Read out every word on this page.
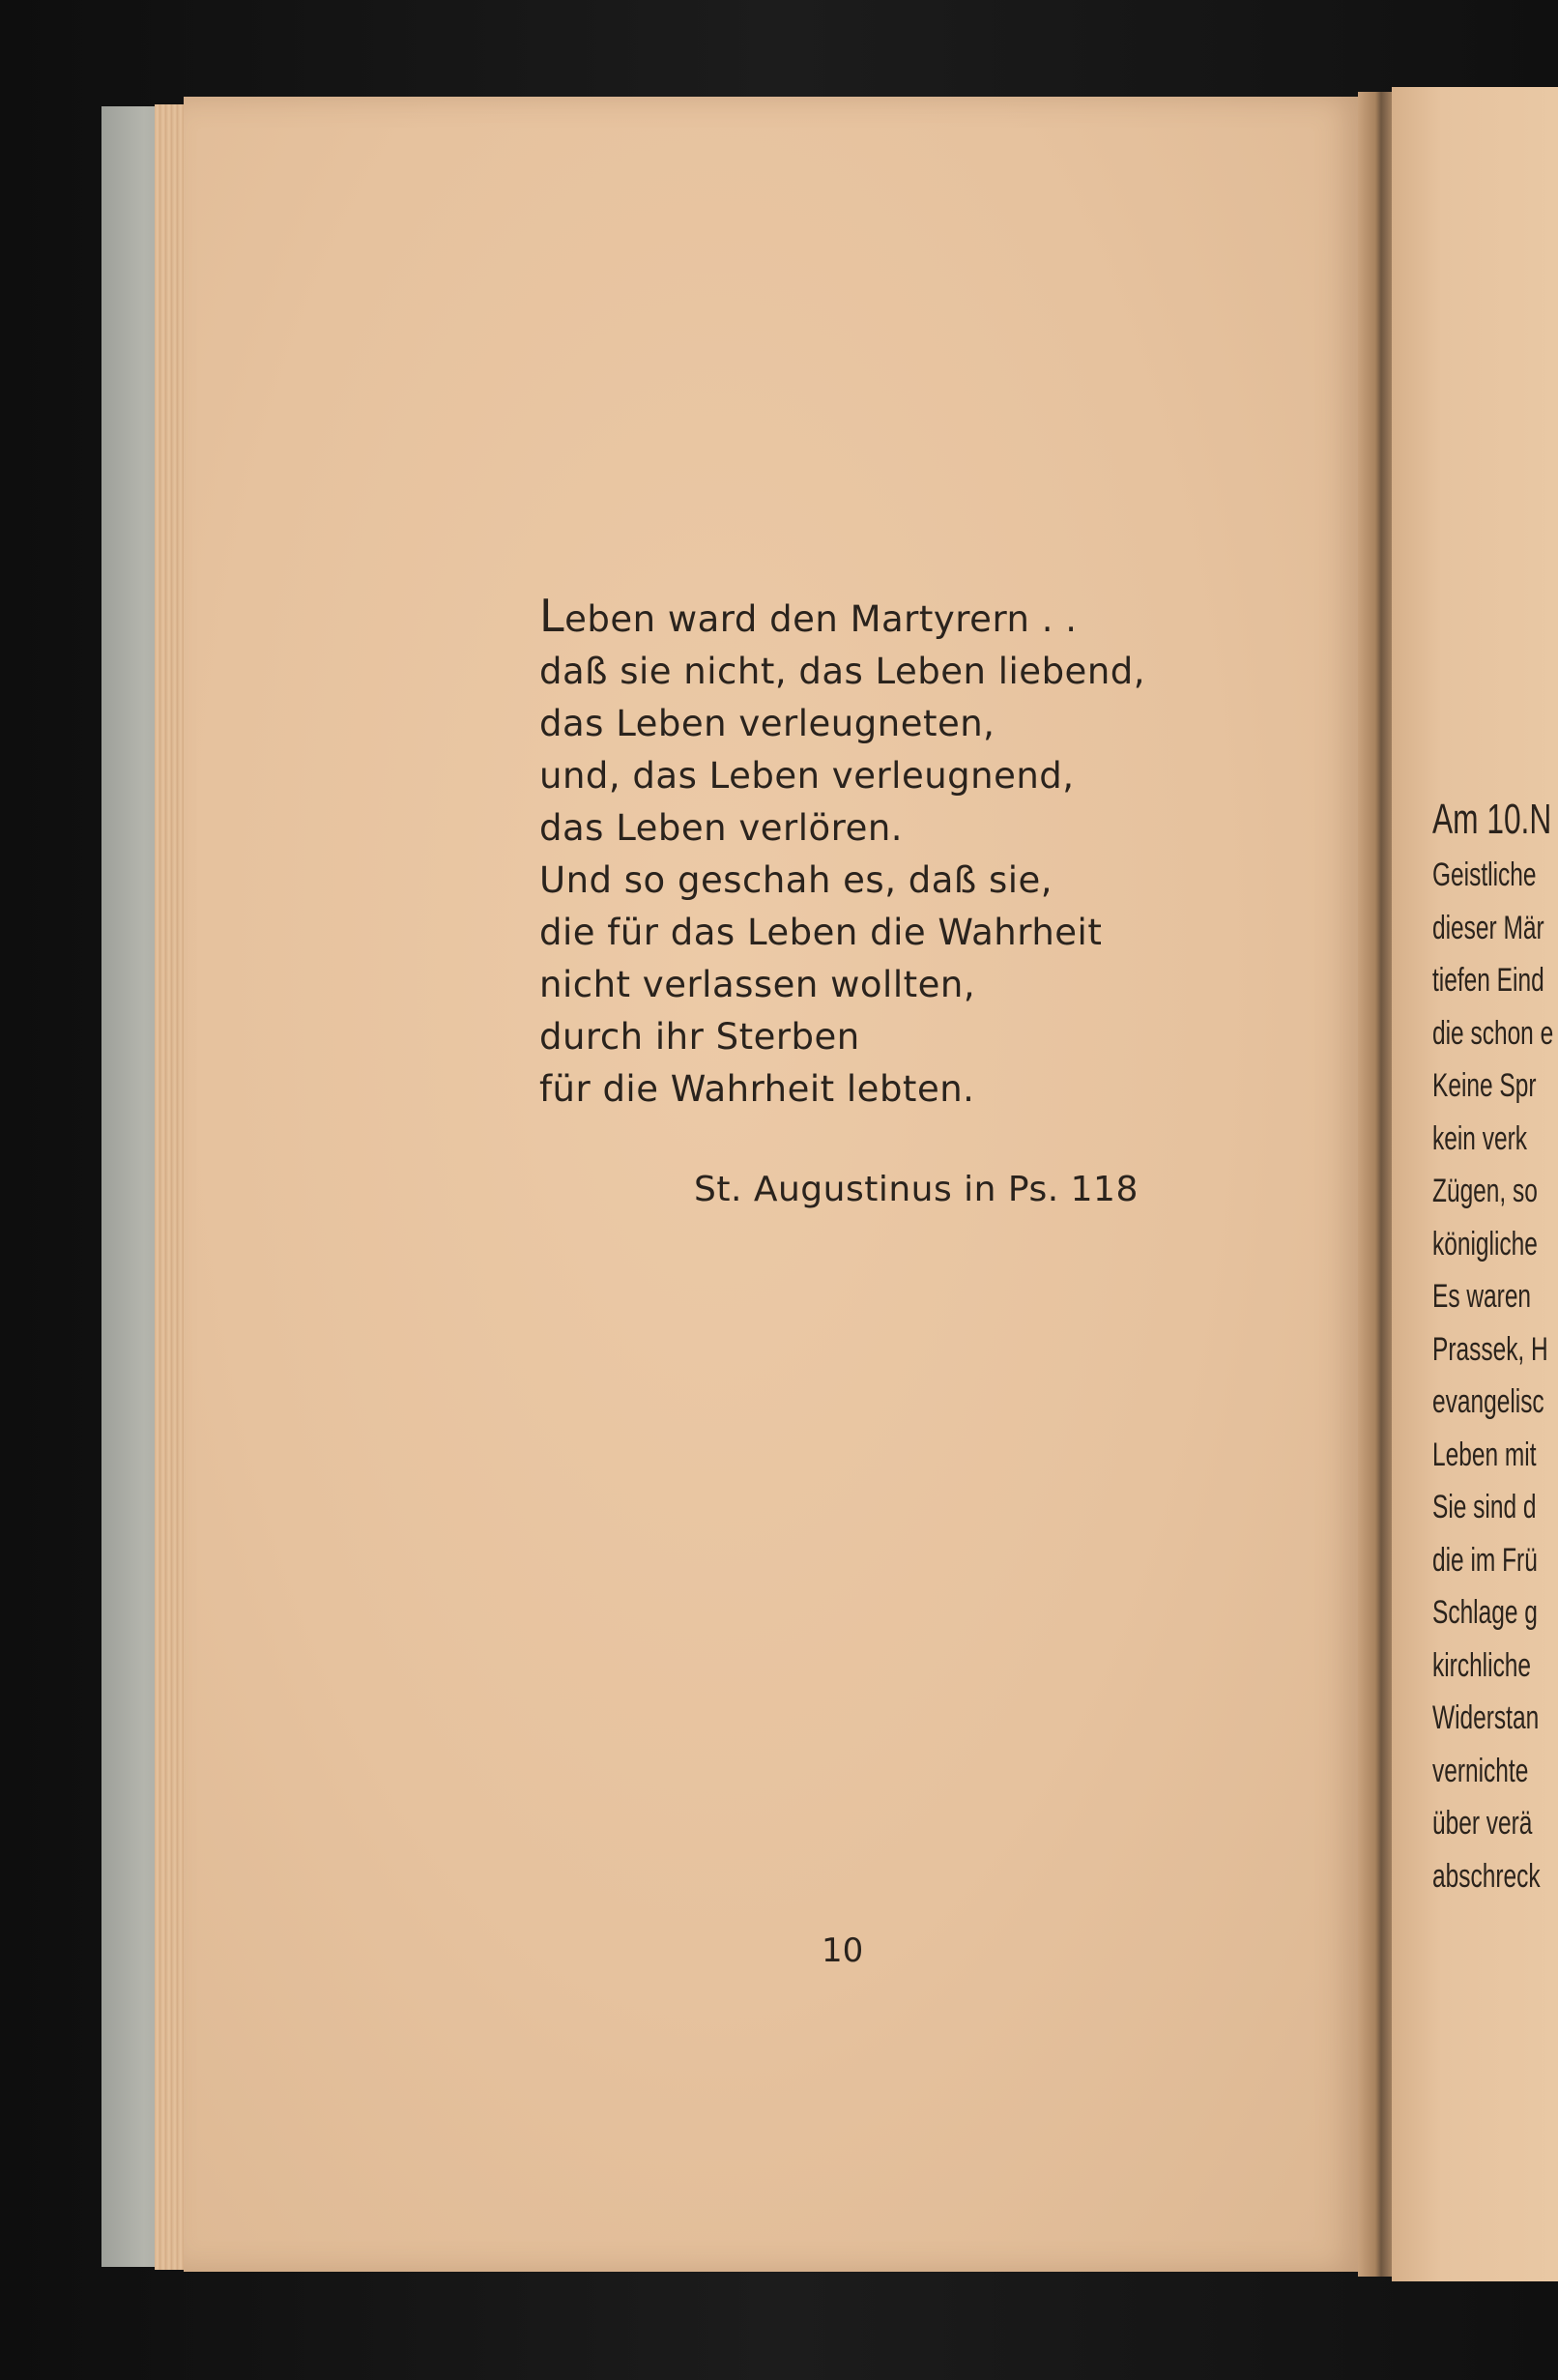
Leben ward den Martyrern . .
daß sie nicht, das Leben liebend,
das Leben verleugneten,
und, das Leben verleugnend,
das Leben verlören.
Und so geschah es, daß sie,
die für das Leben die Wahrheit
nicht verlassen wollten,
durch ihr Sterben
für die Wahrheit lebten.
St. Augustinus in Ps. 118
10
Am 10.N
Geistliche
dieser Mär
tiefen Eind
die schon e
Keine Spr
kein verk
Zügen, so
königliche
Es waren
Prassek, H
evangelisc
Leben mit
Sie sind d
die im Frü
Schlage g
kirchliche
Widerstan
vernichte
über verä
abschreck
